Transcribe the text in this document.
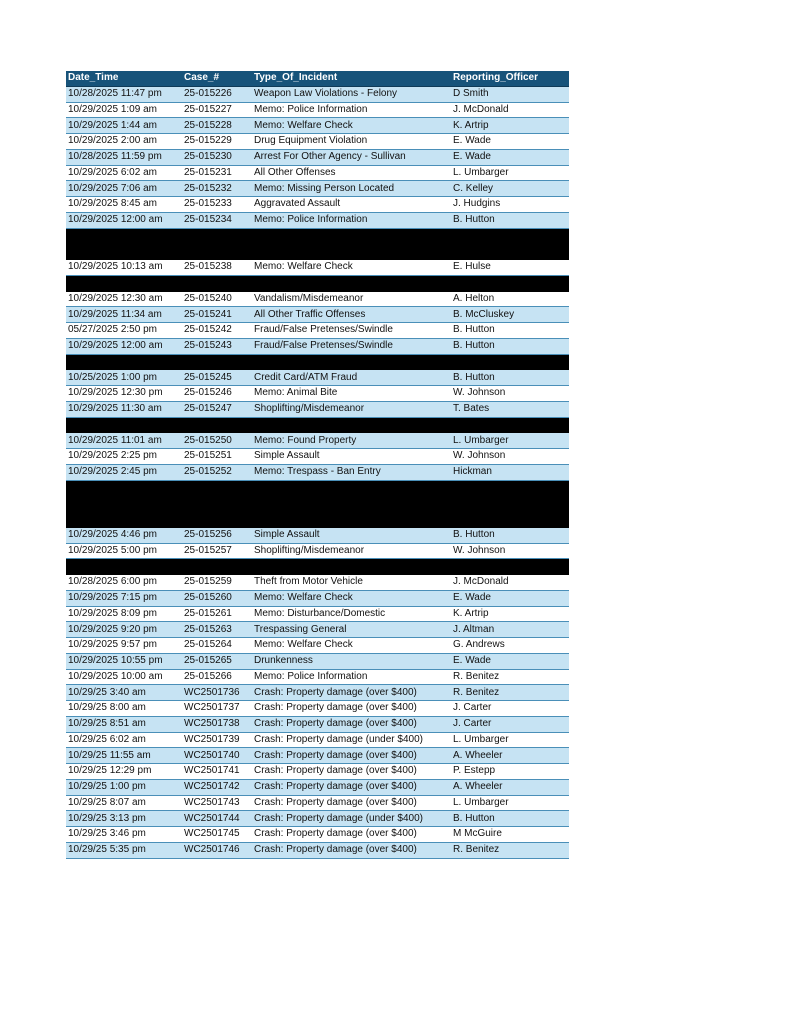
Date_Time	Case_#	Type_Of_Incident	Reporting_Officer
10/28/2025 11:47 pm	25-015226	Weapon Law Violations - Felony	D Smith
10/29/2025 1:09 am	25-015227	Memo: Police Information	J. McDonald
10/29/2025 1:44 am	25-015228	Memo: Welfare Check	K. Artrip
10/29/2025 2:00 am	25-015229	Drug Equipment Violation	E. Wade
10/28/2025 11:59 pm	25-015230	Arrest For Other Agency - Sullivan	E. Wade
10/29/2025 6:02 am	25-015231	All Other Offenses	L. Umbarger
10/29/2025 7:06 am	25-015232	Memo: Missing Person Located	C. Kelley
10/29/2025 8:45 am	25-015233	Aggravated Assault	J. Hudgins
10/29/2025 12:00 am	25-015234	Memo: Police Information	B. Hutton

10/29/2025 10:13 am	25-015238	Memo: Welfare Check	E. Hulse

10/29/2025 12:30 am	25-015240	Vandalism/Misdemeanor	A. Helton
10/29/2025 11:34 am	25-015241	All Other Traffic Offenses	B. McCluskey
05/27/2025 2:50 pm	25-015242	Fraud/False Pretenses/Swindle	B. Hutton
10/29/2025 12:00 am	25-015243	Fraud/False Pretenses/Swindle	B. Hutton

10/25/2025 1:00 pm	25-015245	Credit Card/ATM Fraud	B. Hutton
10/29/2025 12:30 pm	25-015246	Memo: Animal Bite	W. Johnson
10/29/2025 11:30 am	25-015247	Shoplifting/Misdemeanor	T. Bates

10/29/2025 11:01 am	25-015250	Memo: Found Property	L. Umbarger
10/29/2025 2:25 pm	25-015251	Simple Assault	W. Johnson
10/29/2025 2:45 pm	25-015252	Memo: Trespass - Ban Entry	Hickman

10/29/2025 4:46 pm	25-015256	Simple Assault	B. Hutton
10/29/2025 5:00 pm	25-015257	Shoplifting/Misdemeanor	W. Johnson

10/28/2025 6:00 pm	25-015259	Theft from Motor Vehicle	J. McDonald
10/29/2025 7:15 pm	25-015260	Memo: Welfare Check	E. Wade
10/29/2025 8:09 pm	25-015261	Memo: Disturbance/Domestic	K. Artrip
10/29/2025 9:20 pm	25-015263	Trespassing General	J. Altman
10/29/2025 9:57 pm	25-015264	Memo: Welfare Check	G. Andrews
10/29/2025 10:55 pm	25-015265	Drunkenness	E. Wade
10/29/2025 10:00 am	25-015266	Memo: Police Information	R. Benitez
10/29/25 3:40 am	WC2501736	Crash: Property damage (over $400)	R. Benitez
10/29/25 8:00 am	WC2501737	Crash: Property damage (over $400)	J. Carter
10/29/25 8:51 am	WC2501738	Crash: Property damage (over $400)	J. Carter
10/29/25 6:02 am	WC2501739	Crash: Property damage (under $400)	L. Umbarger
10/29/25 11:55 am	WC2501740	Crash: Property damage (over $400)	A. Wheeler
10/29/25 12:29 pm	WC2501741	Crash: Property damage (over $400)	P. Estepp
10/29/25 1:00 pm	WC2501742	Crash: Property damage (over $400)	A. Wheeler
10/29/25 8:07 am	WC2501743	Crash: Property damage (over $400)	L. Umbarger
10/29/25 3:13 pm	WC2501744	Crash: Property damage (under $400)	B. Hutton
10/29/25 3:46 pm	WC2501745	Crash: Property damage (over $400)	M McGuire
10/29/25 5:35 pm	WC2501746	Crash: Property damage (over $400)	R. Benitez
